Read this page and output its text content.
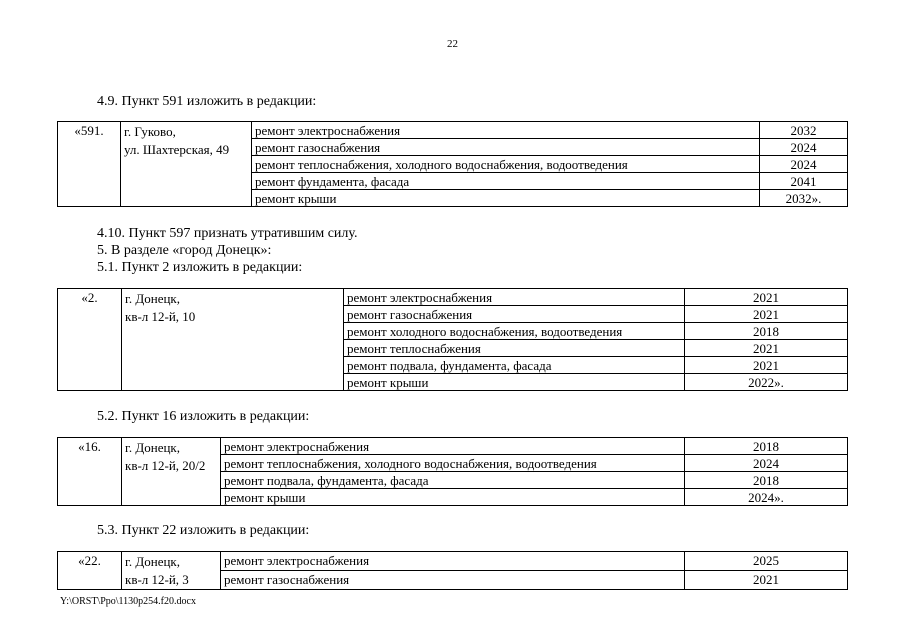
22
4.9. Пункт 591 изложить в редакции:
«591.	г. Гуково,
ул. Шахтерская, 49	ремонт электроснабжения	2032
		ремонт газоснабжения	2024
		ремонт теплоснабжения, холодного водоснабжения, водоотведения	2024
		ремонт фундамента, фасада	2041
		ремонт крыши	2032».
4.10. Пункт 597 признать утратившим силу.
5. В разделе «город Донецк»:
5.1. Пункт 2 изложить в редакции:
«2.	г. Донецк,
кв-л 12-й, 10	ремонт электроснабжения	2021
		ремонт газоснабжения	2021
		ремонт холодного водоснабжения, водоотведения	2018
		ремонт теплоснабжения	2021
		ремонт подвала, фундамента, фасада	2021
		ремонт крыши	2022».
5.2. Пункт 16 изложить в редакции:
«16.	г. Донецк,
кв-л 12-й, 20/2	ремонт электроснабжения	2018
		ремонт теплоснабжения, холодного водоснабжения, водоотведения	2024
		ремонт подвала, фундамента, фасада	2018
		ремонт крыши	2024».
5.3. Пункт 22 изложить в редакции:
«22.	г. Донецк,
кв-л 12-й, 3	ремонт электроснабжения	2025
		ремонт газоснабжения	2021
Y:\ORST\Ppo\1130p254.f20.docx
